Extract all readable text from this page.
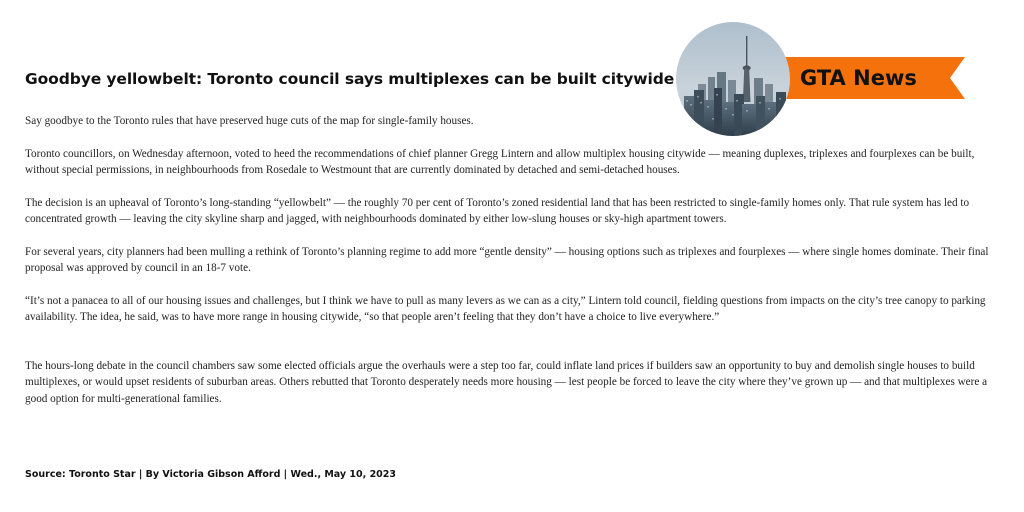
Goodbye yellowbelt: Toronto council says multiplexes can be built citywide

Say goodbye to the Toronto rules that have preserved huge cuts of the map for single-family houses.

Toronto councillors, on Wednesday afternoon, voted to heed the recommendations of chief planner Gregg Lintern and allow multiplex housing citywide — meaning duplexes, triplexes and fourplexes can be built, without special permissions, in neighbourhoods from Rosedale to Westmount that are currently dominated by detached and semi-detached houses.

The decision is an upheaval of Toronto’s long-standing “yellowbelt” — the roughly 70 per cent of Toronto’s zoned residential land that has been restricted to single-family homes only. That rule system has led to concentrated growth — leaving the city skyline sharp and jagged, with neighbourhoods dominated by either low-slung houses or sky-high apartment towers.

For several years, city planners had been mulling a rethink of Toronto’s planning regime to add more “gentle density” — housing options such as triplexes and fourplexes — where single homes dominate. Their final proposal was approved by council in an 18-7 vote.

“It’s not a panacea to all of our housing issues and challenges, but I think we have to pull as many levers as we can as a city,” Lintern told council, fielding questions from impacts on the city’s tree canopy to parking availability. The idea, he said, was to have more range in housing citywide, “so that people aren’t feeling that they don’t have a choice to live everywhere.”

The hours-long debate in the council chambers saw some elected officials argue the overhauls were a step too far, could inflate land prices if builders saw an opportunity to buy and demolish single houses to build multiplexes, or would upset residents of suburban areas. Others rebutted that Toronto desperately needs more housing — lest people be forced to leave the city where they’ve grown up — and that multiplexes were a good option for multi-generational families.

Source: Toronto Star | By Victoria Gibson Afford | Wed., May 10, 2023
GTA News
